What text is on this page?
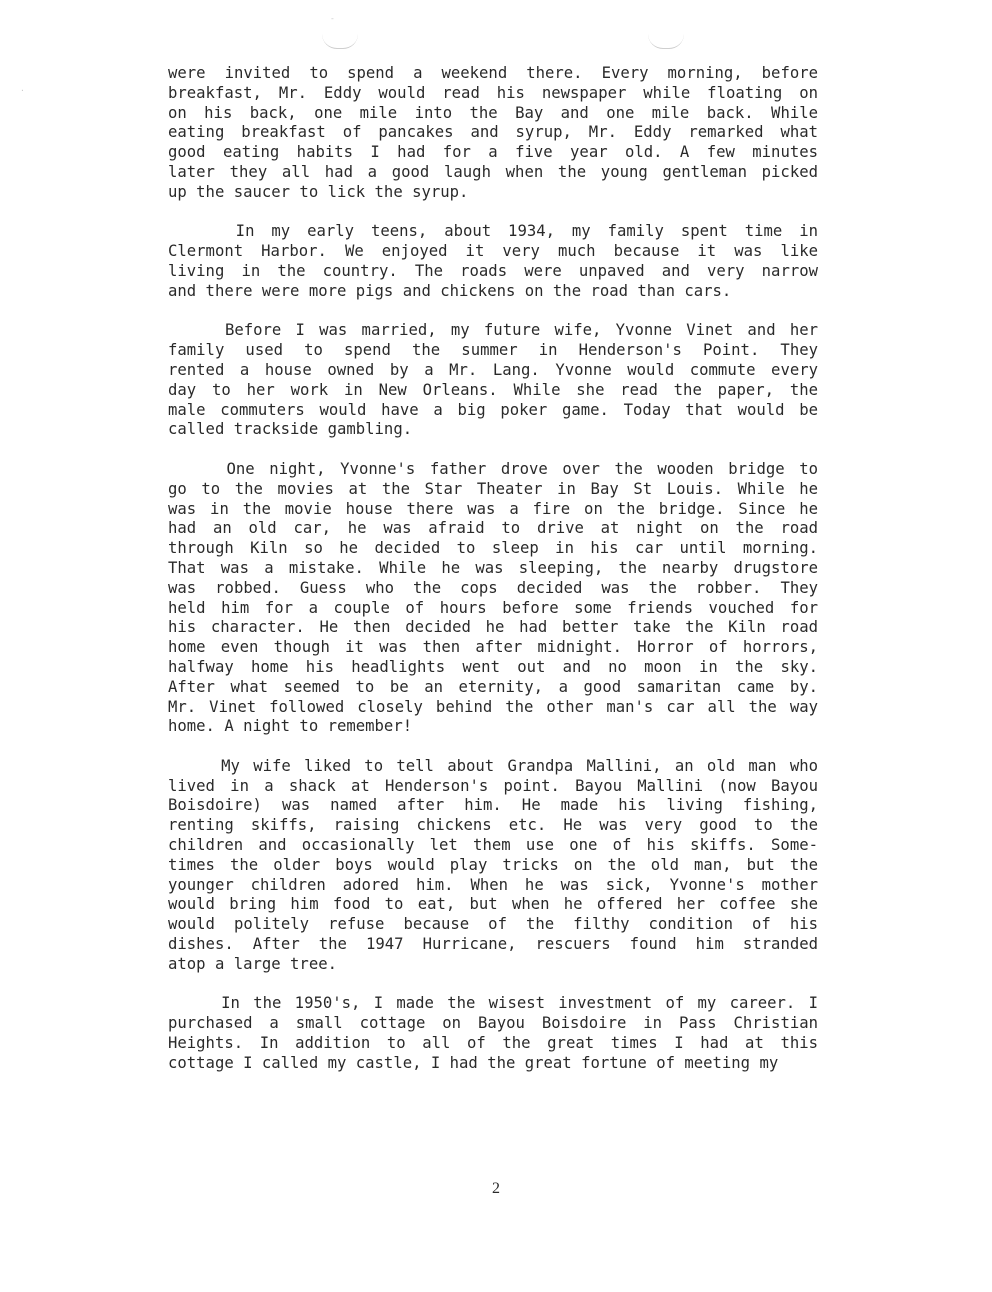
-
·
were invited to spend a weekend there. Every morning, before
breakfast, Mr. Eddy would read his newspaper while floating on
on his back, one mile into the Bay and one mile back. While
eating breakfast of pancakes and syrup, Mr. Eddy remarked what
good eating habits I had for a five year old. A few minutes
later they all had a good laugh when the young gentleman picked
up the saucer to lick the syrup.
In my early teens, about 1934, my family spent time in
Clermont Harbor. We enjoyed it very much because it was like
living in the country. The roads were unpaved and very narrow
and there were more pigs and chickens on the road than cars.
Before I was married, my future wife, Yvonne Vinet and her
family used to spend the summer in Henderson's Point. They
rented a house owned by a Mr. Lang. Yvonne would commute every
day to her work in New Orleans. While she read the paper, the
male commuters would have a big poker game. Today that would be
called trackside gambling.
One night, Yvonne's father drove over the wooden bridge to
go to the movies at the Star Theater in Bay St Louis. While he
was in the movie house there was a fire on the bridge. Since he
had an old car, he was afraid to drive at night on the road
through Kiln so he decided to sleep in his car until morning.
That was a mistake. While he was sleeping, the nearby drugstore
was robbed. Guess who the cops decided was the robber. They
held him for a couple of hours before some friends vouched for
his character. He then decided he had better take the Kiln road
home even though it was then after midnight. Horror of horrors,
halfway home his headlights went out and no moon in the sky.
After what seemed to be an eternity, a good samaritan came by.
Mr. Vinet followed closely behind the other man's car all the way
home. A night to remember!
My wife liked to tell about Grandpa Mallini, an old man who
lived in a shack at Henderson's point. Bayou Mallini (now Bayou
Boisdoire) was named after him. He made his living fishing,
renting skiffs, raising chickens etc. He was very good to the
children and occasionally let them use one of his skiffs. Some-
times the older boys would play tricks on the old man, but the
younger children adored him. When he was sick, Yvonne's mother
would bring him food to eat, but when he offered her coffee she
would politely refuse because of the filthy condition of his
dishes. After the 1947 Hurricane, rescuers found him stranded
atop a large tree.
In the 1950's, I made the wisest investment of my career. I
purchased a small cottage on Bayou Boisdoire in Pass Christian
Heights. In addition to all of the great times I had at this
cottage I called my castle, I had the great fortune of meeting my
2
